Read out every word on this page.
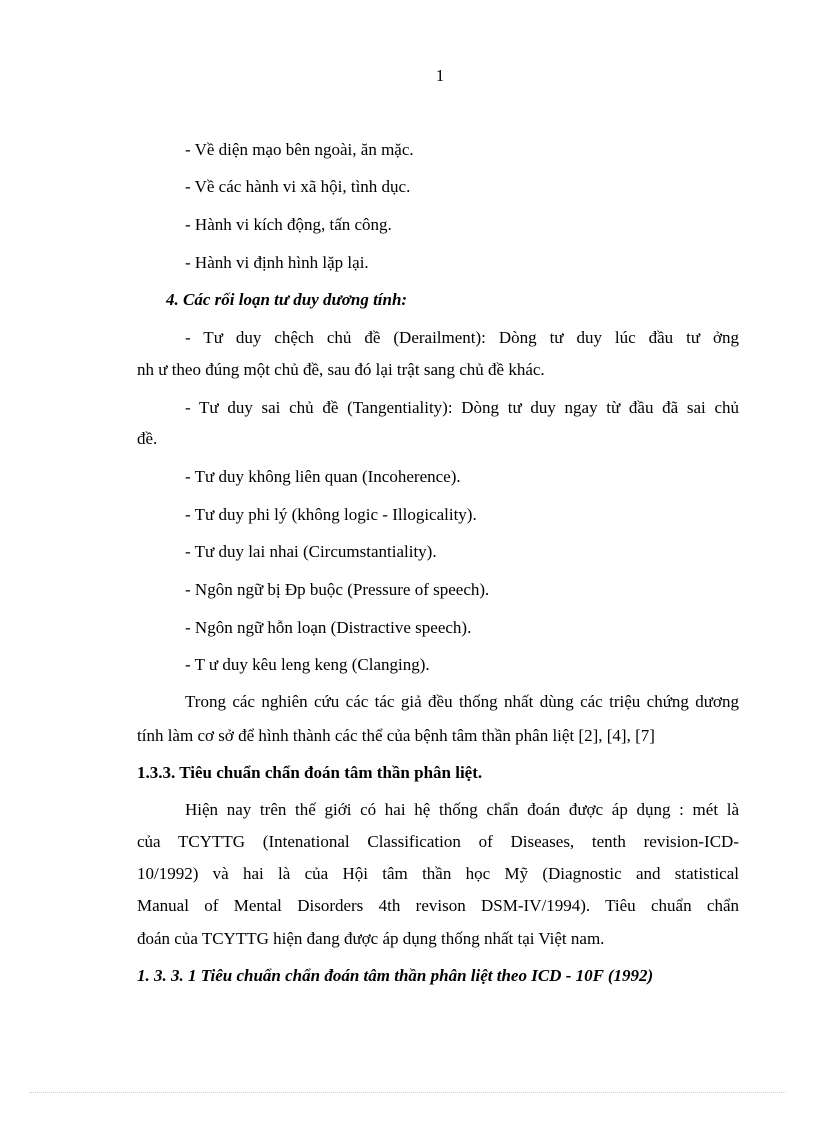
1
- Về diện mạo bên ngoài, ăn mặc.
- Về các hành vi xã hội, tình dục.
- Hành vi kích động, tấn công.
- Hành vi định hình lặp lại.
4. Các rối loạn tư duy dương tính:
- Tư duy chệch chủ đề (Derailment): Dòng tư duy lúc đầu tư ởng
nh ư theo đúng một chủ đề, sau đó lại trật sang chủ đề khác.
- Tư duy sai chủ đề (Tangentiality): Dòng tư duy ngay từ đầu đã sai chủ
đề.
- Tư duy không liên quan (Incoherence).
- Tư duy phi lý (không logic - Illogicality).
- Tư duy lai nhai (Circumstantiality).
- Ngôn ngữ bị Đp buộc (Pressure of speech).
- Ngôn ngữ hỗn loạn (Distractive speech).
- T ư duy kêu leng keng (Clanging).
Trong các nghiên cứu các tác giả đều thống nhất dùng các triệu chứng dương
tính làm cơ sở để hình thành các thể của bệnh tâm thần phân liệt [2], [4], [7]
1.3.3. Tiêu chuẩn chẩn đoán tâm thần phân liệt.
Hiện nay trên thế giới có hai hệ thống chẩn đoán được áp dụng : mét là
của TCYTTG (Intenational Classification of Diseases, tenth revision-ICD-
10/1992) và hai là của Hội tâm thần học Mỹ (Diagnostic and statistical
Manual of Mental Disorders 4th revison DSM-IV/1994). Tiêu chuẩn chẩn
đoán của TCYTTG hiện đang được áp dụng thống nhất tại Việt nam.
1. 3. 3. 1 Tiêu chuẩn chẩn đoán tâm thần phân liệt theo ICD - 10F (1992)
